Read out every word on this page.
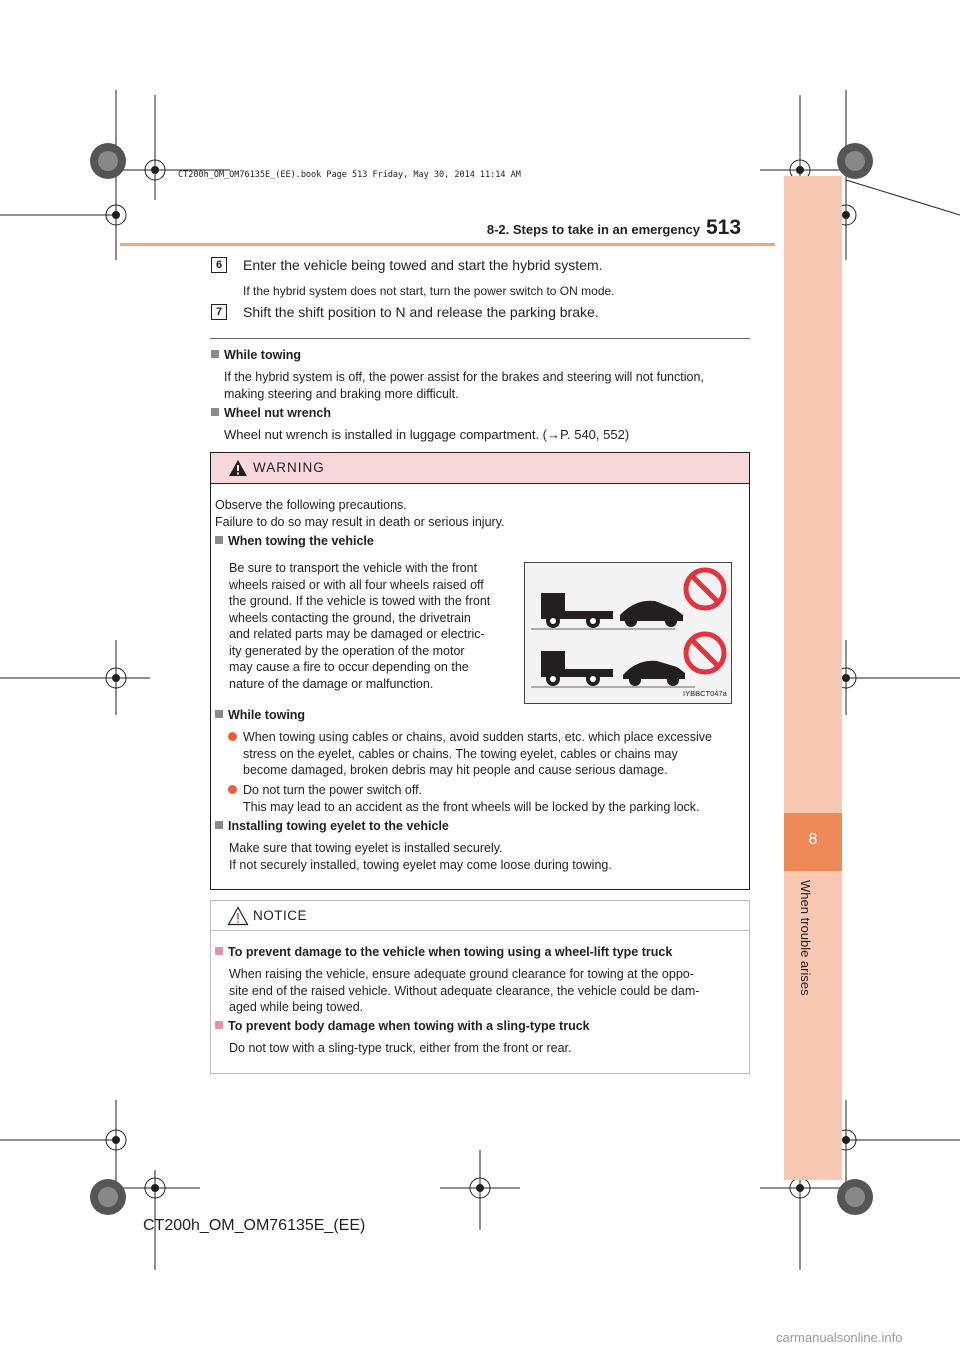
CT200h_OM_OM76135E_(EE).book Page 513 Friday, May 30, 2014 11:14 AM
8-2. Steps to take in an emergency 513
8
When trouble arises
6	Enter the vehicle being towed and start the hybrid system.
If the hybrid system does not start, turn the power switch to ON mode.
7	Shift the shift position to N and release the parking brake.
While towing
If the hybrid system is off, the power assist for the brakes and steering will not function,
making steering and braking more difficult.
Wheel nut wrench
Wheel nut wrench is installed in luggage compartment. (→P. 540, 552)
WARNING
Observe the following precautions.
Failure to do so may result in death or serious injury.
When towing the vehicle
Be sure to transport the vehicle with the front
wheels raised or with all four wheels raised off
the ground. If the vehicle is towed with the front
wheels contacting the ground, the drivetrain
and related parts may be damaged or electric-
ity generated by the operation of the motor
may cause a fire to occur depending on the
nature of the damage or malfunction.
IYBBCT047a
While towing
When towing using cables or chains, avoid sudden starts, etc. which place excessive
stress on the eyelet, cables or chains. The towing eyelet, cables or chains may
become damaged, broken debris may hit people and cause serious damage.
Do not turn the power switch off.
This may lead to an accident as the front wheels will be locked by the parking lock.
Installing towing eyelet to the vehicle
Make sure that towing eyelet is installed securely.
If not securely installed, towing eyelet may come loose during towing.
NOTICE
To prevent damage to the vehicle when towing using a wheel-lift type truck
When raising the vehicle, ensure adequate ground clearance for towing at the oppo-
site end of the raised vehicle. Without adequate clearance, the vehicle could be dam-
aged while being towed.
To prevent body damage when towing with a sling-type truck
Do not tow with a sling-type truck, either from the front or rear.
CT200h_OM_OM76135E_(EE)
carmanualsonline.info
